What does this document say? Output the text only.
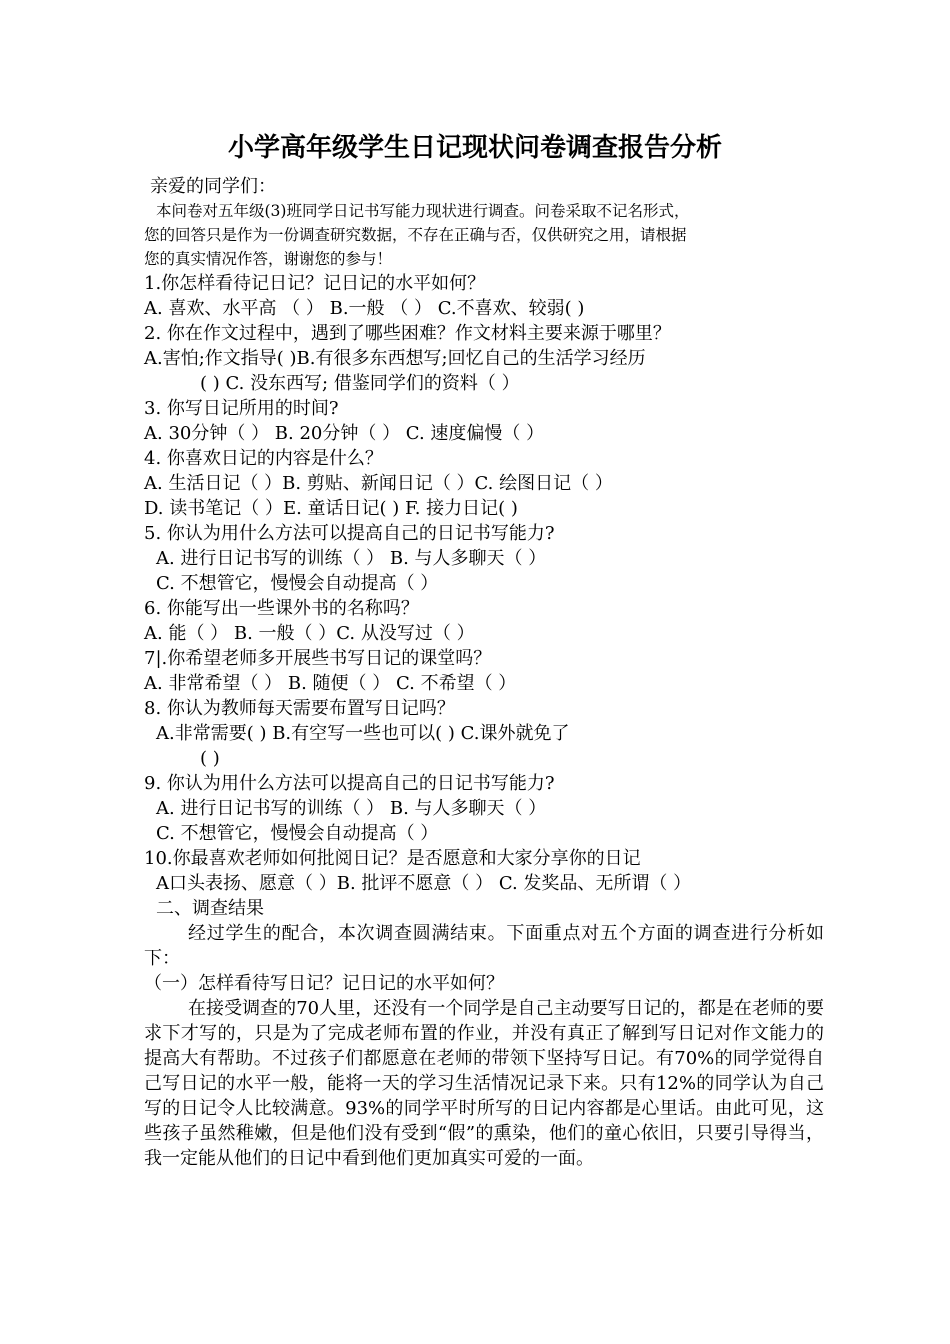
小学高年级学生日记现状问卷调查报告分析
亲爱的同学们：
本问卷对五年级(3)班同学日记书写能力现状进行调查。问卷采取不记名形式，
您的回答只是作为一份调查研究数据，不存在正确与否，仅供研究之用，请根据
您的真实情况作答，谢谢您的参与！
1.你怎样看待记日记？记日记的水平如何？
A. 喜欢、水平高 （ ） B.一般 （ ） C.不喜欢、较弱( )
2. 你在作文过程中，遇到了哪些困难？作文材料主要来源于哪里？
A.害怕;作文指导( )B.有很多东西想写;回忆自己的生活学习经历
( ) C. 没东西写; 借鉴同学们的资料（ ）
3. 你写日记所用的时间?
A. 30分钟（ ） B. 20分钟（ ） C. 速度偏慢（ ）
4. 你喜欢日记的内容是什么？
A. 生活日记（ ）B. 剪贴、新闻日记（ ）C. 绘图日记（ ）
D. 读书笔记（ ）E. 童话日记( ) F. 接力日记( )
5. 你认为用什么方法可以提高自己的日记书写能力?
A. 进行日记书写的训练（ ） B. 与人多聊天（ ）
C. 不想管它，慢慢会自动提高（ ）
6. 你能写出一些课外书的名称吗？
A. 能（ ） B. 一般（ ）C. 从没写过（ ）
7|.你希望老师多开展些书写日记的课堂吗？
A. 非常希望（ ） B. 随便（ ） C. 不希望（ ）
8. 你认为教师每天需要布置写日记吗？
A.非常需要( ) B.有空写一些也可以( ) C.课外就免了
( )
9. 你认为用什么方法可以提高自己的日记书写能力?
A. 进行日记书写的训练（ ） B. 与人多聊天（ ）
C. 不想管它，慢慢会自动提高（ ）
10.你最喜欢老师如何批阅日记？是否愿意和大家分享你的日记
A口头表扬、愿意（ ）B. 批评不愿意（ ） C. 发奖品、无所谓（ ）
二、调查结果

经过学生的配合，本次调查圆满结束。下面重点对五个方面的调查进行分析如下：

（一）怎样看待写日记？记日记的水平如何？

在接受调查的70人里，还没有一个同学是自己主动要写日记的，都是在老师的要求下才写的，只是为了完成老师布置的作业，并没有真正了解到写日记对作文能力的提高大有帮助。不过孩子们都愿意在老师的带领下坚持写日记。有70%的同学觉得自己写日记的水平一般，能将一天的学习生活情况记录下来。只有12%的同学认为自己写的日记令人比较满意。93%的同学平时所写的日记内容都是心里话。由此可见，这些孩子虽然稚嫩，但是他们没有受到“假”的熏染，他们的童心依旧，只要引导得当，我一定能从他们的日记中看到他们更加真实可爱的一面。
